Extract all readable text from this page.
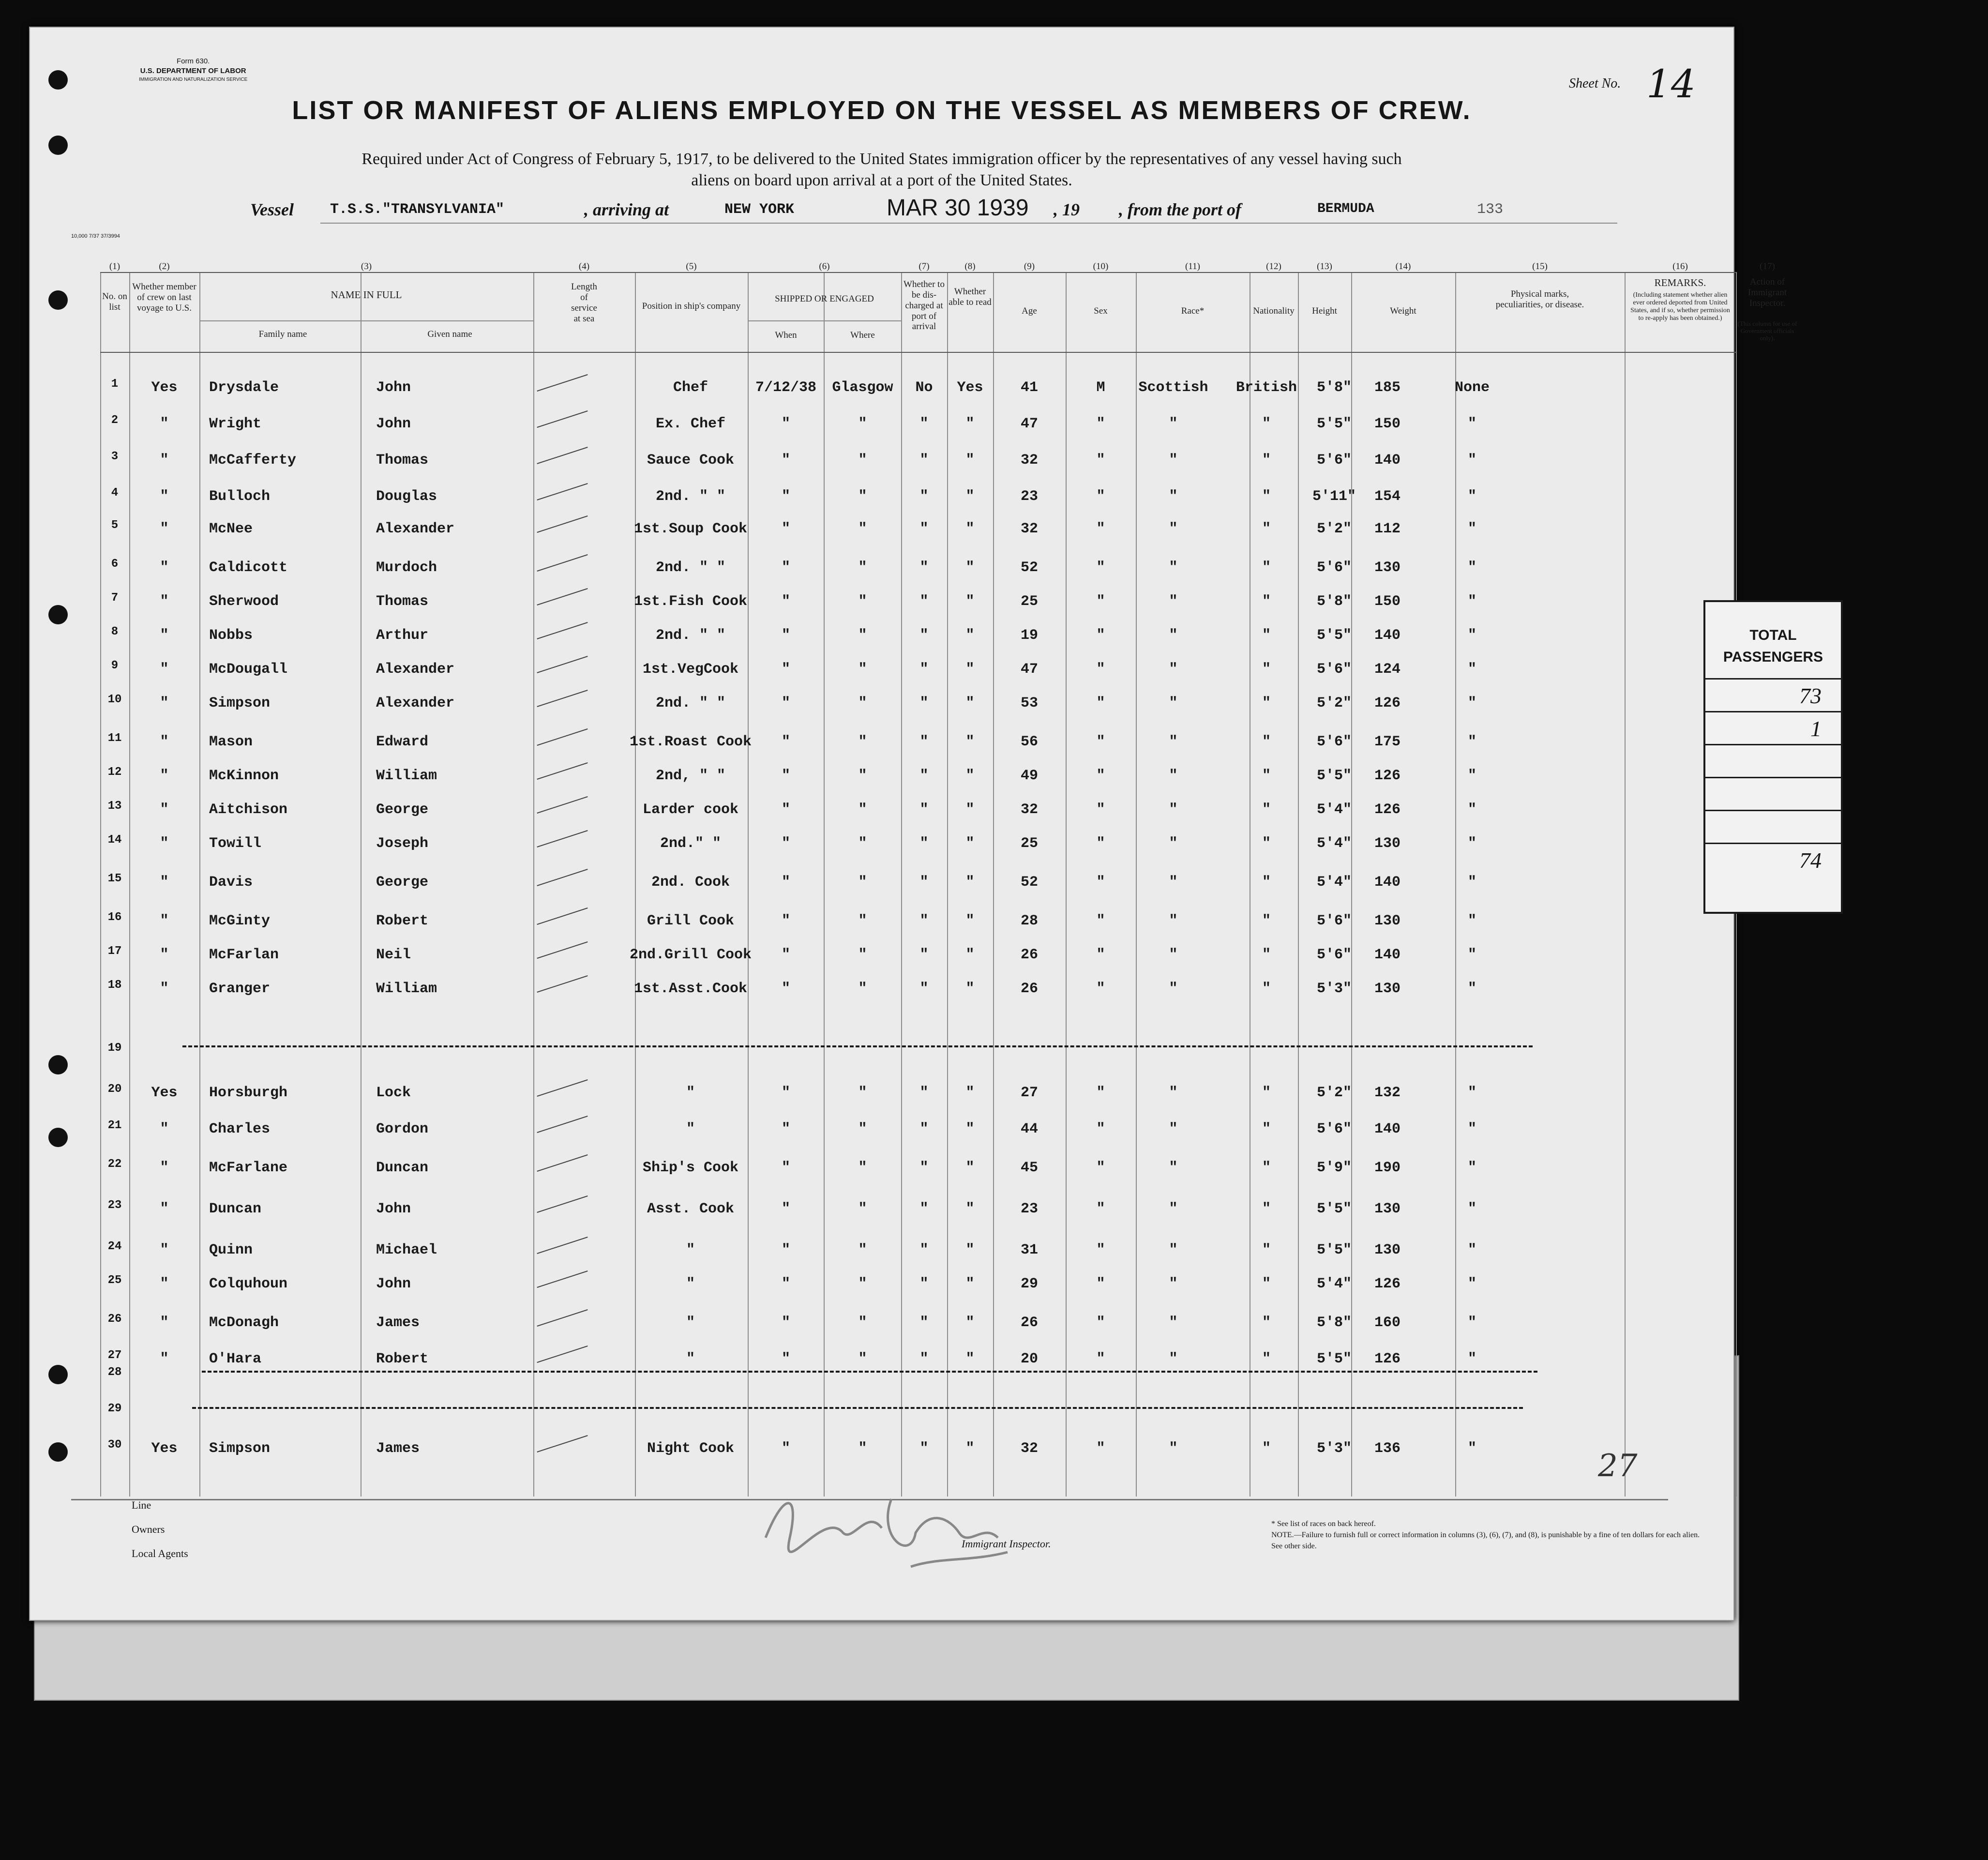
TOTAL PASSENGERS
73
1
74
Form 630.
U.S. DEPARTMENT OF LABOR
IMMIGRATION AND NATURALIZATION SERVICE	Sheet No. 14
LIST OR MANIFEST OF ALIENS EMPLOYED ON THE VESSEL AS MEMBERS OF CREW.
Required under Act of Congress of February 5, 1917, to be delivered to the United States immigration officer by the representatives of any vessel having such
aliens on board upon arrival at a port of the United States.
Vessel	T.S.S."TRANSYLVANIA"	, arriving at	NEW YORK	MAR 30 1939 , 19 , from the port of	BERMUDA	133
10,000 7/37 37/3994
(1)	(2)	(3)	(4)	(5)	(6)	(7)	(8)	(9)	(10)	(11)	(12)	(13)	(14)	(15)	(16)	(17)
No. on list
Whether member of crew on last voyage to U.S.
NAME IN FULL
Family name	Given name
Length of service at sea
Position in ship's company
SHIPPED OR ENGAGED
When	Where
Whether to be dis-charged at port of arrival
Whether able to read
Age	Sex	Race*	Nationality	Height	Weight
Physical marks, peculiarities, or disease.
REMARKS.
(Including statement whether alien ever ordered deported from United States, and if so, whether permission to re-apply has been obtained.)
Action of Immigrant Inspector.
(This column for use of Government officials only).
1	Yes	Drysdale	John	Chef	7/12/38	Glasgow	No	Yes	41	M	Scottish	British	5'8"	185	None
2	"	Wright	John	Ex. Chef	"	"	"	"	47	"	"	"	5'5"	150	"
3	"	McCafferty	Thomas	Sauce Cook	"	"	"	"	32	"	"	"	5'6"	140	"
4	"	Bulloch	Douglas	2nd. " "	"	"	"	"	23	"	"	"	5'11"	154	"
5	"	McNee	Alexander	1st.Soup Cook	"	"	"	"	32	"	"	"	5'2"	112	"
6	"	Caldicott	Murdoch	2nd. " "	"	"	"	"	52	"	"	"	5'6"	130	"
7	"	Sherwood	Thomas	1st.Fish Cook	"	"	"	"	25	"	"	"	5'8"	150	"
8	"	Nobbs	Arthur	2nd. " "	"	"	"	"	19	"	"	"	5'5"	140	"
9	"	McDougall	Alexander	1st.VegCook	"	"	"	"	47	"	"	"	5'6"	124	"
10	"	Simpson	Alexander	2nd. " "	"	"	"	"	53	"	"	"	5'2"	126	"
11	"	Mason	Edward	1st.Roast Cook	"	"	"	"	56	"	"	"	5'6"	175	"
12	"	McKinnon	William	2nd, " "	"	"	"	"	49	"	"	"	5'5"	126	"
13	"	Aitchison	George	Larder cook	"	"	"	"	32	"	"	"	5'4"	126	"
14	"	Towill	Joseph	2nd." "	"	"	"	"	25	"	"	"	5'4"	130	"
15	"	Davis	George	2nd. Cook	"	"	"	"	52	"	"	"	5'4"	140	"
16	"	McGinty	Robert	Grill Cook	"	"	"	"	28	"	"	"	5'6"	130	"
17	"	McFarlan	Neil	2nd.Grill Cook	"	"	"	"	26	"	"	"	5'6"	140	"
18	"	Granger	William	1st.Asst.Cook	"	"	"	"	26	"	"	"	5'3"	130	"
20	Yes	Horsburgh	Lock	"	"	"	"	"	27	"	"	"	5'2"	132	"
21	"	Charles	Gordon	"	"	"	"	"	44	"	"	"	5'6"	140	"
22	"	McFarlane	Duncan	Ship's Cook	"	"	"	"	45	"	"	"	5'9"	190	"
23	"	Duncan	John	Asst. Cook	"	"	"	"	23	"	"	"	5'5"	130	"
24	"	Quinn	Michael	"	"	"	"	"	31	"	"	"	5'5"	130	"
25	"	Colquhoun	John	"	"	"	"	"	29	"	"	"	5'4"	126	"
26	"	McDonagh	James	"	"	"	"	"	26	"	"	"	5'8"	160	"
27	"	O'Hara	Robert	"	"	"	"	"	20	"	"	"	5'5"	126	"
30	Yes	Simpson	James	Night Cook	"	"	"	"	32	"	"	"	5'3"	136	"
19
28
29
Line
Owners
Local Agents
Immigrant Inspector.
* See list of races on back hereof.
NOTE.—Failure to furnish full or correct information in columns (3), (6), (7), and (8), is punishable by a fine of ten dollars for each alien. See other side.
27
